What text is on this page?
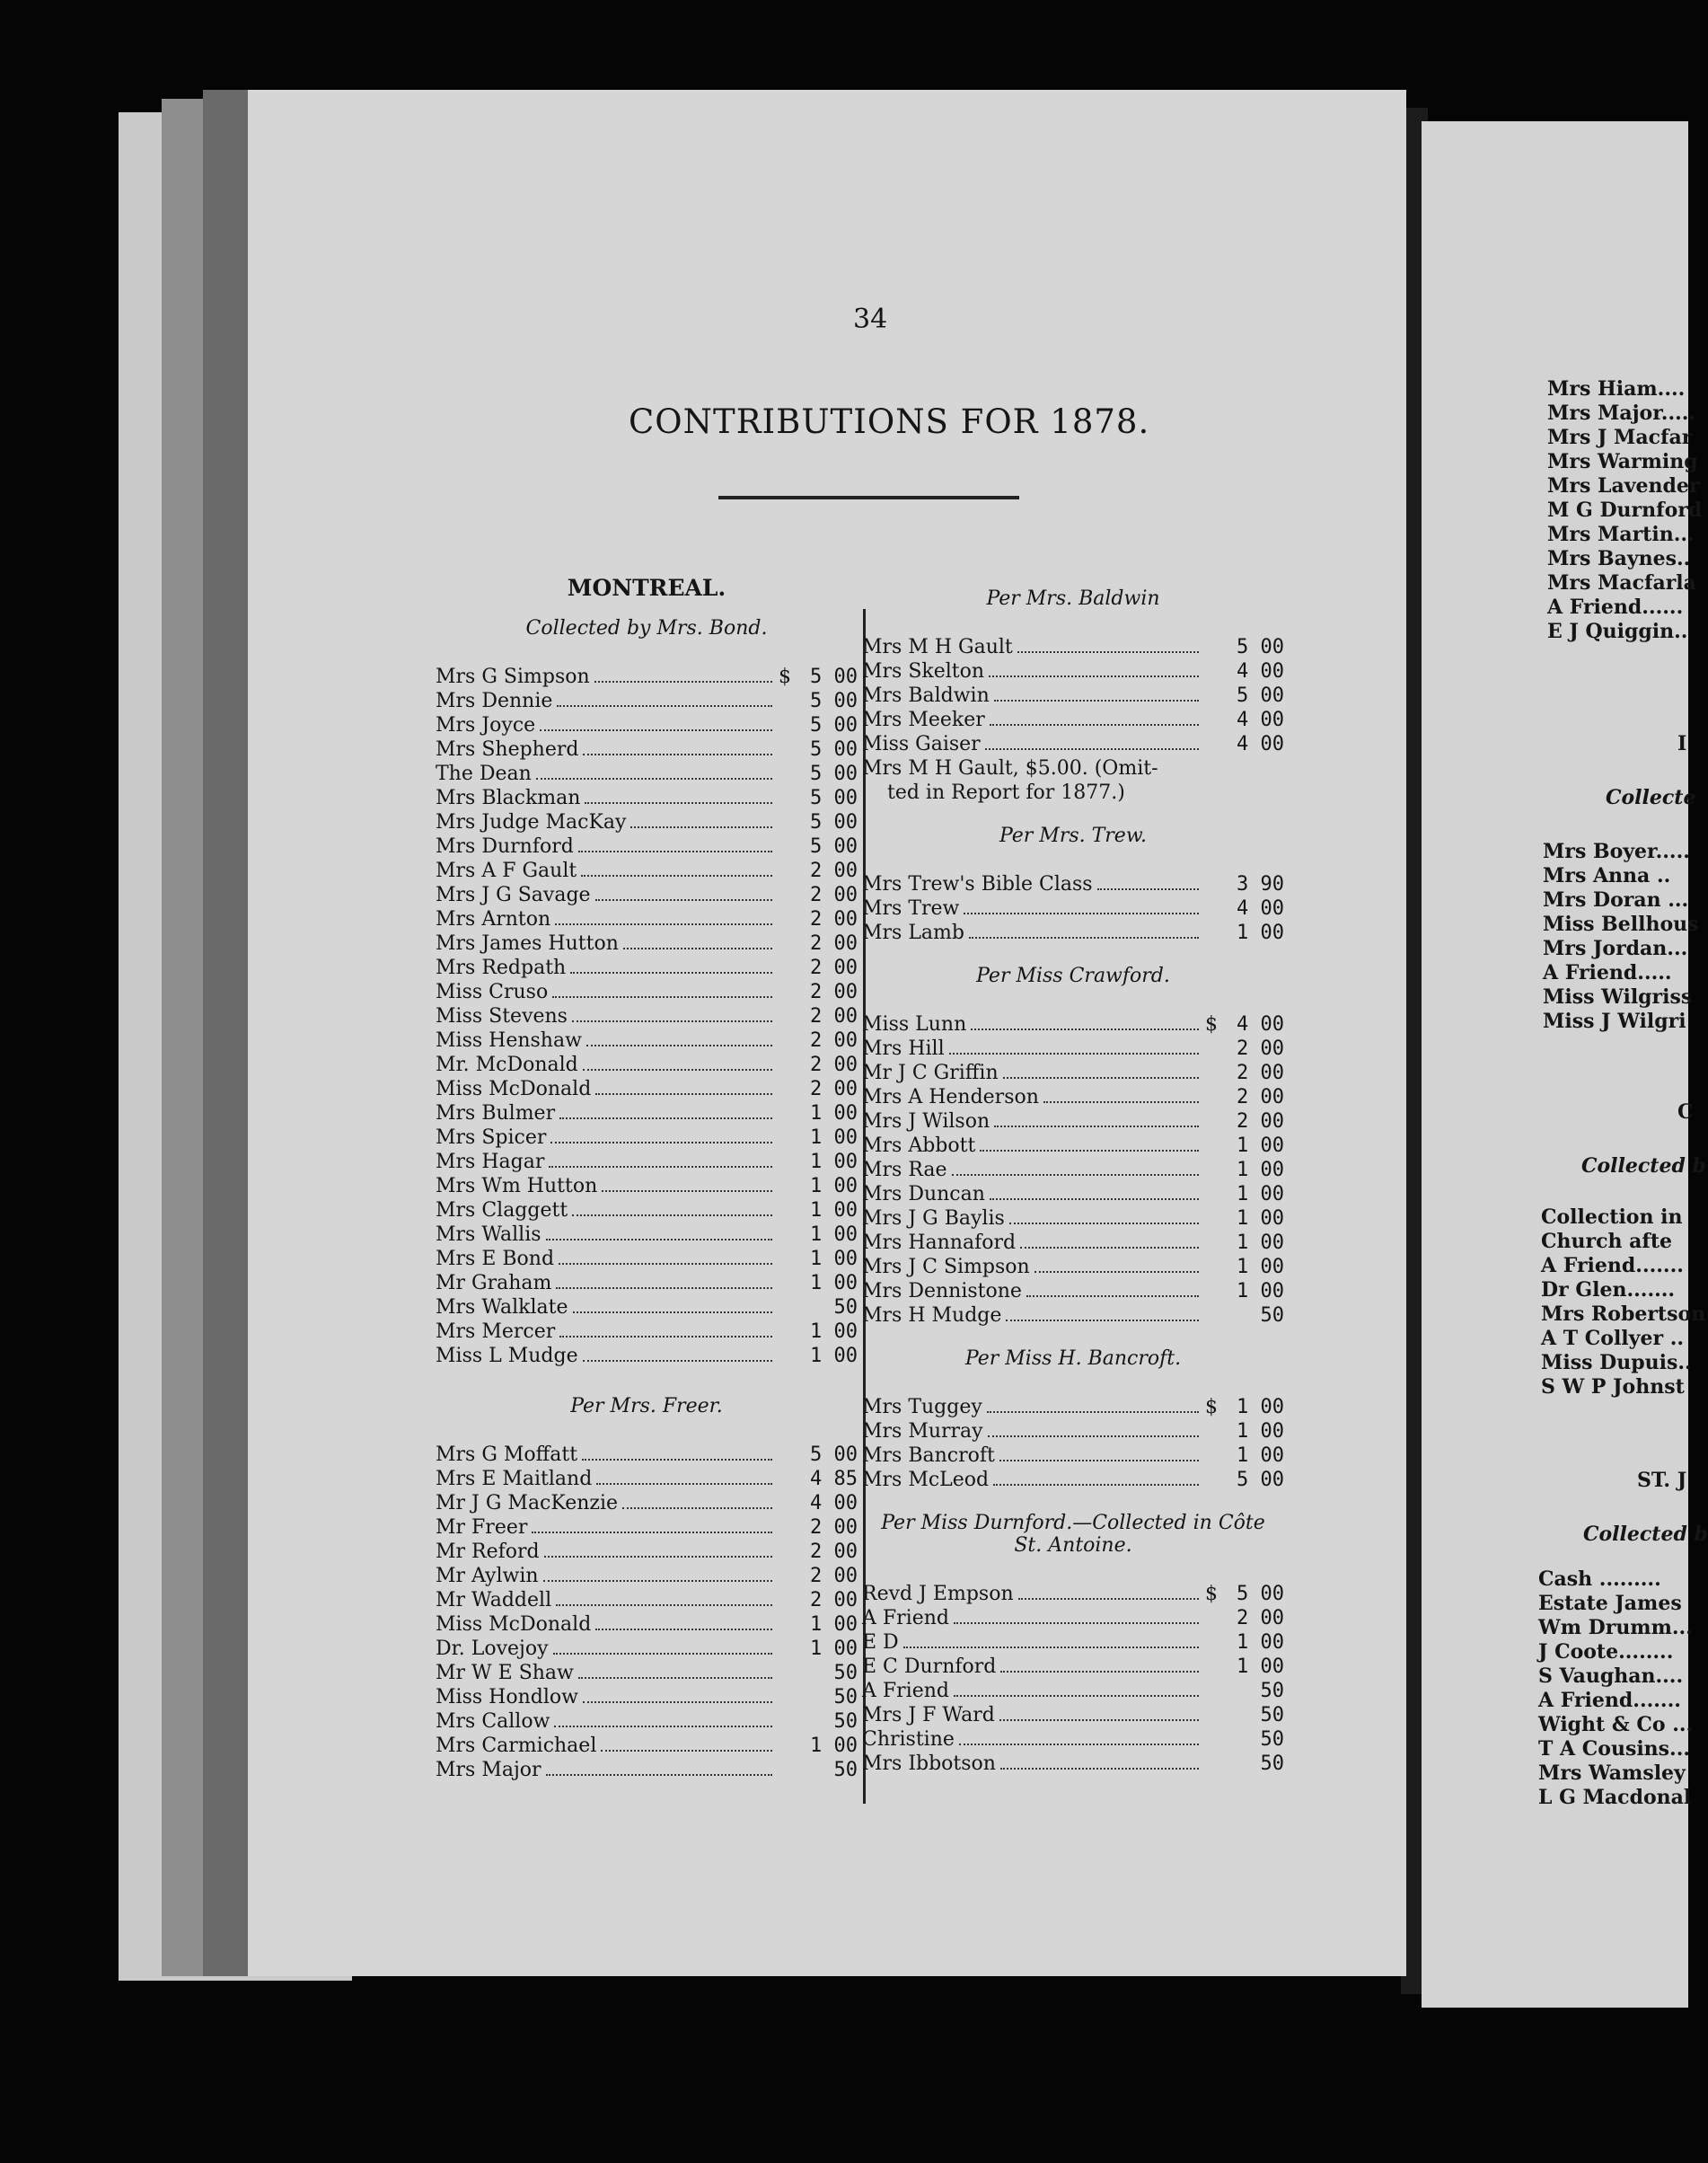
34
CONTRIBUTIONS FOR 1878.
MONTREAL.
Collected by Mrs. Bond.
Mrs G Simpson	$ 5 00
Mrs Dennie	5 00
Mrs Joyce	5 00
Mrs Shepherd	5 00
The Dean	5 00
Mrs Blackman	5 00
Mrs Judge MacKay	5 00
Mrs Durnford	5 00
Mrs A F Gault	2 00
Mrs J G Savage	2 00
Mrs Arnton	2 00
Mrs James Hutton	2 00
Mrs Redpath	2 00
Miss Cruso	2 00
Miss Stevens	2 00
Miss Henshaw	2 00
Mr. McDonald	2 00
Miss McDonald	2 00
Mrs Bulmer	1 00
Mrs Spicer	1 00
Mrs Hagar	1 00
Mrs Wm Hutton	1 00
Mrs Claggett	1 00
Mrs Wallis	1 00
Mrs E Bond	1 00
Mr Graham	1 00
Mrs Walklate	50
Mrs Mercer	1 00
Miss L Mudge	1 00
Per Mrs. Freer.
Mrs G Moffatt	5 00
Mrs E Maitland	4 85
Mr J G MacKenzie	4 00
Mr Freer	2 00
Mr Reford	2 00
Mr Aylwin	2 00
Mr Waddell	2 00
Miss McDonald	1 00
Dr. Lovejoy	1 00
Mr W E Shaw	50
Miss Hondlow	50
Mrs Callow	50
Mrs Carmichael	1 00
Mrs Major	50
Per Mrs. Baldwin
Mrs M H Gault	5 00
Mrs Skelton	4 00
Mrs Baldwin	5 00
Mrs Meeker	4 00
Miss Gaiser	4 00
Mrs M H Gault, $5.00. (Omit-
ted in Report for 1877.)
Per Mrs. Trew.
Mrs Trew's Bible Class	3 90
Mrs Trew	4 00
Mrs Lamb	1 00
Per Miss Crawford.
Miss Lunn	$ 4 00
Mrs Hill	2 00
Mr J C Griffin	2 00
Mrs A Henderson	2 00
Mrs J Wilson	2 00
Mrs Abbott	1 00
Mrs Rae	1 00
Mrs Duncan	1 00
Mrs J G Baylis	1 00
Mrs Hannaford	1 00
Mrs J C Simpson	1 00
Mrs Dennistone	1 00
Mrs H Mudge	50
Per Miss H. Bancroft.
Mrs Tuggey	$ 1 00
Mrs Murray	1 00
Mrs Bancroft	1 00
Mrs McLeod	5 00
Per Miss Durnford.—Collected in Côte St. Antoine.
Revd J Empson	$ 5 00
A Friend	2 00
E D	1 00
E C Durnford	1 00
A Friend	50
Mrs J F Ward	50
Christine	50
Mrs Ibbotson	50
Mrs Hiam....
Mrs Major.....
Mrs J Macfar
Mrs Warming
Mrs Lavender
M G Durnford
Mrs Martin...
Mrs Baynes..
Mrs Macfarla
A Friend......
E J Quiggin..
I
Collecte
Mrs Boyer.....
Mrs Anna ..
Mrs Doran ...
Miss Bellhous
Mrs Jordan...
A Friend.....
Miss Wilgriss
Miss J Wilgri
C
Collected b
Collection in
Church afte
A Friend.......
Dr Glen.......
Mrs Robertson
A T Collyer ..
Miss Dupuis..
S W P Johnst
ST. J
Collected b
Cash .........
Estate James
Wm Drumm...
J Coote........
S Vaughan....
A Friend.......
Wight & Co ...
T A Cousins...
Mrs Wamsley
L G Macdonal
